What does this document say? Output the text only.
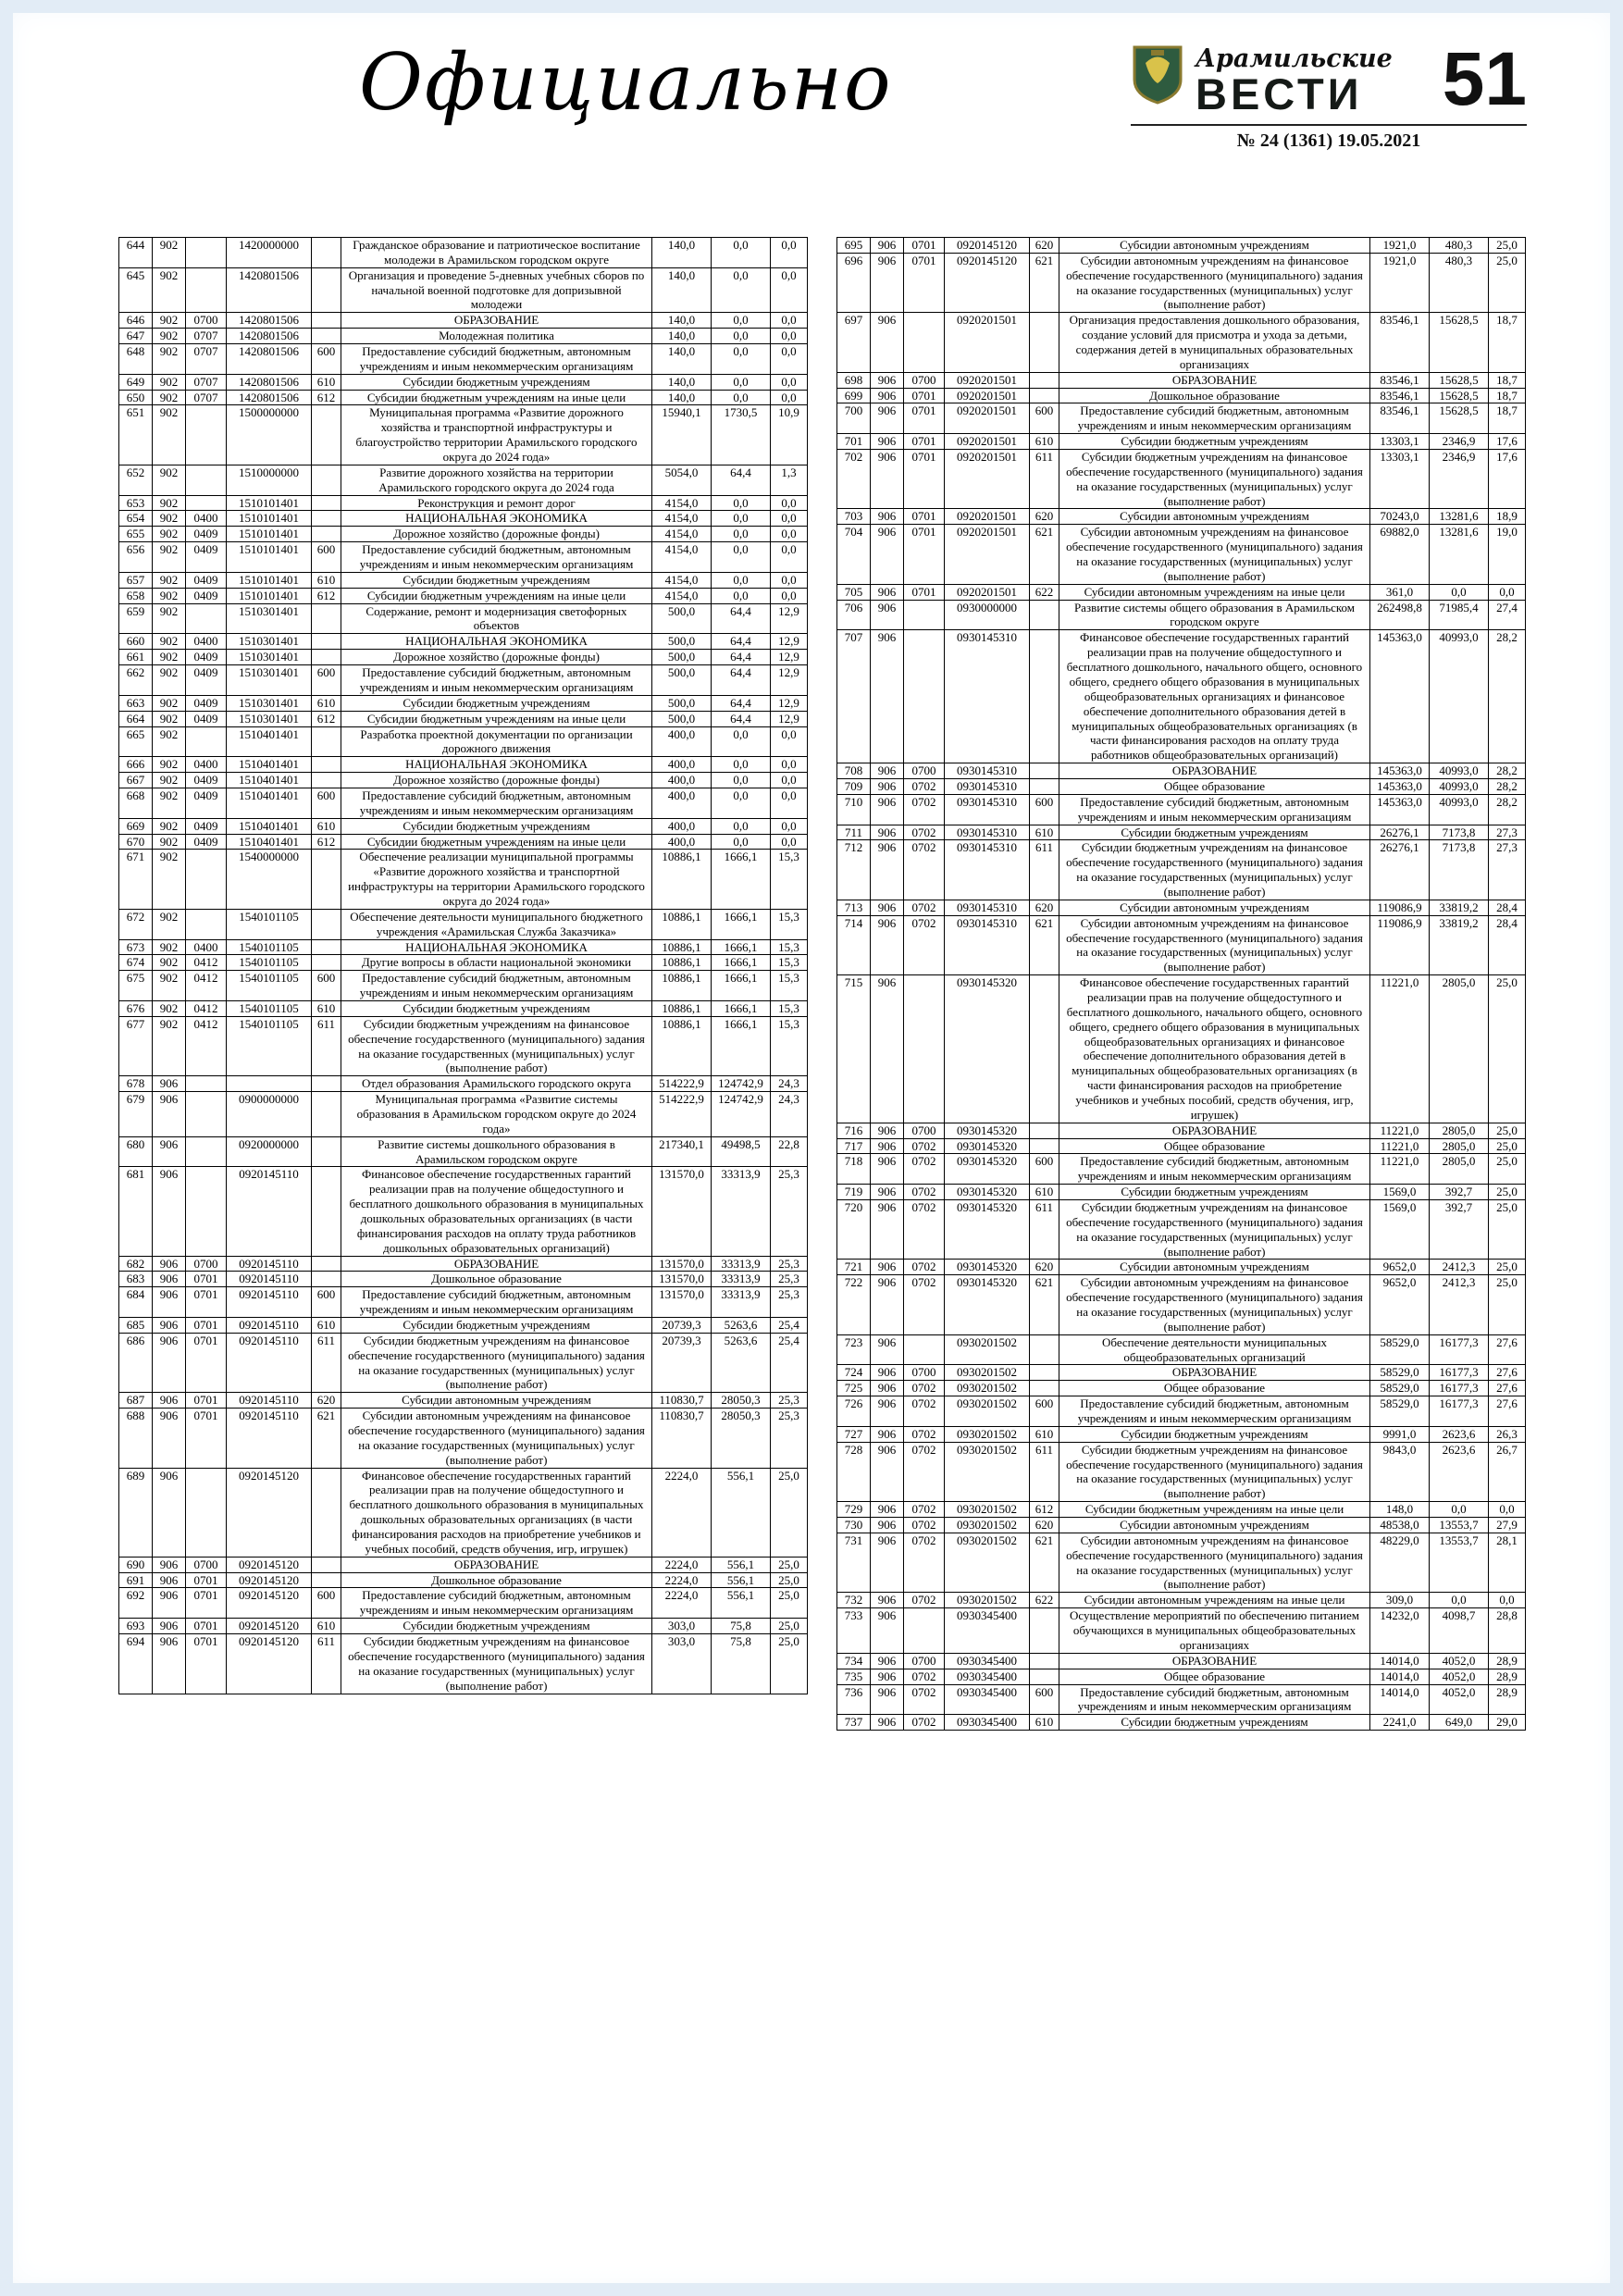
Официально	Арамильские
ВЕСТИ	51
№ 24 (1361) 19.05.2021
644	902		1420000000		Гражданское образование и патриотическое воспитание молодежи в Арамильском городском округе	140,0	0,0	0,0
645	902		1420801506		Организация и проведение 5-дневных учебных сборов по начальной военной подготовке для допризывной молодежи	140,0	0,0	0,0
646	902	0700	1420801506		ОБРАЗОВАНИЕ	140,0	0,0	0,0
647	902	0707	1420801506		Молодежная политика	140,0	0,0	0,0
648	902	0707	1420801506	600	Предоставление субсидий бюджетным, автономным учреждениям и иным некоммерческим организациям	140,0	0,0	0,0
649	902	0707	1420801506	610	Субсидии бюджетным учреждениям	140,0	0,0	0,0
650	902	0707	1420801506	612	Субсидии бюджетным учреждениям на иные цели	140,0	0,0	0,0
651	902		1500000000		Муниципальная программа «Развитие дорожного хозяйства и транспортной инфраструктуры и благоустройство территории Арамильского городского округа до 2024 года»	15940,1	1730,5	10,9
652	902		1510000000		Развитие дорожного хозяйства на территории Арамильского городского округа до 2024 года	5054,0	64,4	1,3
653	902		1510101401		Реконструкция и ремонт дорог	4154,0	0,0	0,0
654	902	0400	1510101401		НАЦИОНАЛЬНАЯ ЭКОНОМИКА	4154,0	0,0	0,0
655	902	0409	1510101401		Дорожное хозяйство (дорожные фонды)	4154,0	0,0	0,0
656	902	0409	1510101401	600	Предоставление субсидий бюджетным, автономным учреждениям и иным некоммерческим организациям	4154,0	0,0	0,0
657	902	0409	1510101401	610	Субсидии бюджетным учреждениям	4154,0	0,0	0,0
658	902	0409	1510101401	612	Субсидии бюджетным учреждениям на иные цели	4154,0	0,0	0,0
659	902		1510301401		Содержание, ремонт и модернизация светофорных объектов	500,0	64,4	12,9
660	902	0400	1510301401		НАЦИОНАЛЬНАЯ ЭКОНОМИКА	500,0	64,4	12,9
661	902	0409	1510301401		Дорожное хозяйство (дорожные фонды)	500,0	64,4	12,9
662	902	0409	1510301401	600	Предоставление субсидий бюджетным, автономным учреждениям и иным некоммерческим организациям	500,0	64,4	12,9
663	902	0409	1510301401	610	Субсидии бюджетным учреждениям	500,0	64,4	12,9
664	902	0409	1510301401	612	Субсидии бюджетным учреждениям на иные цели	500,0	64,4	12,9
665	902		1510401401		Разработка проектной документации по организации дорожного движения	400,0	0,0	0,0
666	902	0400	1510401401		НАЦИОНАЛЬНАЯ ЭКОНОМИКА	400,0	0,0	0,0
667	902	0409	1510401401		Дорожное хозяйство (дорожные фонды)	400,0	0,0	0,0
668	902	0409	1510401401	600	Предоставление субсидий бюджетным, автономным учреждениям и иным некоммерческим организациям	400,0	0,0	0,0
669	902	0409	1510401401	610	Субсидии бюджетным учреждениям	400,0	0,0	0,0
670	902	0409	1510401401	612	Субсидии бюджетным учреждениям на иные цели	400,0	0,0	0,0
671	902		1540000000		Обеспечение реализации муниципальной программы «Развитие дорожного хозяйства и транспортной инфраструктуры на территории Арамильского городского округа до 2024 года»	10886,1	1666,1	15,3
672	902		1540101105		Обеспечение деятельности муниципального бюджетного учреждения «Арамильская Служба Заказчика»	10886,1	1666,1	15,3
673	902	0400	1540101105		НАЦИОНАЛЬНАЯ ЭКОНОМИКА	10886,1	1666,1	15,3
674	902	0412	1540101105		Другие вопросы в области национальной экономики	10886,1	1666,1	15,3
675	902	0412	1540101105	600	Предоставление субсидий бюджетным, автономным учреждениям и иным некоммерческим организациям	10886,1	1666,1	15,3
676	902	0412	1540101105	610	Субсидии бюджетным учреждениям	10886,1	1666,1	15,3
677	902	0412	1540101105	611	Субсидии бюджетным учреждениям на финансовое обеспечение государственного (муниципального) задания на оказание государственных (муниципальных) услуг (выполнение работ)	10886,1	1666,1	15,3
678	906				Отдел образования Арамильского городского округа	514222,9	124742,9	24,3
679	906		0900000000		Муниципальная программа «Развитие системы образования в Арамильском городском округе до 2024 года»	514222,9	124742,9	24,3
680	906		0920000000		Развитие системы дошкольного образования в Арамильском городском округе	217340,1	49498,5	22,8
681	906		0920145110		Финансовое обеспечение государственных гарантий реализации прав на получение общедоступного и бесплатного дошкольного образования в муниципальных дошкольных образовательных организациях (в части финансирования расходов на оплату труда работников дошкольных образовательных организаций)	131570,0	33313,9	25,3
682	906	0700	0920145110		ОБРАЗОВАНИЕ	131570,0	33313,9	25,3
683	906	0701	0920145110		Дошкольное образование	131570,0	33313,9	25,3
684	906	0701	0920145110	600	Предоставление субсидий бюджетным, автономным учреждениям и иным некоммерческим организациям	131570,0	33313,9	25,3
685	906	0701	0920145110	610	Субсидии бюджетным учреждениям	20739,3	5263,6	25,4
686	906	0701	0920145110	611	Субсидии бюджетным учреждениям на финансовое обеспечение государственного (муниципального) задания на оказание государственных (муниципальных) услуг (выполнение работ)	20739,3	5263,6	25,4
687	906	0701	0920145110	620	Субсидии автономным учреждениям	110830,7	28050,3	25,3
688	906	0701	0920145110	621	Субсидии автономным учреждениям на финансовое обеспечение государственного (муниципального) задания на оказание государственных (муниципальных) услуг (выполнение работ)	110830,7	28050,3	25,3
689	906		0920145120		Финансовое обеспечение государственных гарантий реализации прав на получение общедоступного и бесплатного дошкольного образования в муниципальных дошкольных образовательных организациях (в части финансирования расходов на приобретение учебников и учебных пособий, средств обучения, игр, игрушек)	2224,0	556,1	25,0
690	906	0700	0920145120		ОБРАЗОВАНИЕ	2224,0	556,1	25,0
691	906	0701	0920145120		Дошкольное образование	2224,0	556,1	25,0
692	906	0701	0920145120	600	Предоставление субсидий бюджетным, автономным учреждениям и иным некоммерческим организациям	2224,0	556,1	25,0
693	906	0701	0920145120	610	Субсидии бюджетным учреждениям	303,0	75,8	25,0
694	906	0701	0920145120	611	Субсидии бюджетным учреждениям на финансовое обеспечение государственного (муниципального) задания на оказание государственных (муниципальных) услуг (выполнение работ)	303,0	75,8	25,0
695	906	0701	0920145120	620	Субсидии автономным учреждениям	1921,0	480,3	25,0
696	906	0701	0920145120	621	Субсидии автономным учреждениям на финансовое обеспечение государственного (муниципального) задания на оказание государственных (муниципальных) услуг (выполнение работ)	1921,0	480,3	25,0
697	906		0920201501		Организация предоставления дошкольного образования, создание условий для присмотра и ухода за детьми, содержания детей в муниципальных образовательных организациях	83546,1	15628,5	18,7
698	906	0700	0920201501		ОБРАЗОВАНИЕ	83546,1	15628,5	18,7
699	906	0701	0920201501		Дошкольное образование	83546,1	15628,5	18,7
700	906	0701	0920201501	600	Предоставление субсидий бюджетным, автономным учреждениям и иным некоммерческим организациям	83546,1	15628,5	18,7
701	906	0701	0920201501	610	Субсидии бюджетным учреждениям	13303,1	2346,9	17,6
702	906	0701	0920201501	611	Субсидии бюджетным учреждениям на финансовое обеспечение государственного (муниципального) задания на оказание государственных (муниципальных) услуг (выполнение работ)	13303,1	2346,9	17,6
703	906	0701	0920201501	620	Субсидии автономным учреждениям	70243,0	13281,6	18,9
704	906	0701	0920201501	621	Субсидии автономным учреждениям на финансовое обеспечение государственного (муниципального) задания на оказание государственных (муниципальных) услуг (выполнение работ)	69882,0	13281,6	19,0
705	906	0701	0920201501	622	Субсидии автономным учреждениям на иные цели	361,0	0,0	0,0
706	906		0930000000		Развитие системы общего образования в Арамильском городском округе	262498,8	71985,4	27,4
707	906		0930145310		Финансовое обеспечение государственных гарантий реализации прав на получение общедоступного и бесплатного дошкольного, начального общего, основного общего, среднего общего образования в муниципальных общеобразовательных организациях и финансовое обеспечение дополнительного образования детей в муниципальных общеобразовательных организациях (в части финансирования расходов на оплату труда работников общеобразовательных организаций)	145363,0	40993,0	28,2
708	906	0700	0930145310		ОБРАЗОВАНИЕ	145363,0	40993,0	28,2
709	906	0702	0930145310		Общее образование	145363,0	40993,0	28,2
710	906	0702	0930145310	600	Предоставление субсидий бюджетным, автономным учреждениям и иным некоммерческим организациям	145363,0	40993,0	28,2
711	906	0702	0930145310	610	Субсидии бюджетным учреждениям	26276,1	7173,8	27,3
712	906	0702	0930145310	611	Субсидии бюджетным учреждениям на финансовое обеспечение государственного (муниципального) задания на оказание государственных (муниципальных) услуг (выполнение работ)	26276,1	7173,8	27,3
713	906	0702	0930145310	620	Субсидии автономным учреждениям	119086,9	33819,2	28,4
714	906	0702	0930145310	621	Субсидии автономным учреждениям на финансовое обеспечение государственного (муниципального) задания на оказание государственных (муниципальных) услуг (выполнение работ)	119086,9	33819,2	28,4
715	906		0930145320		Финансовое обеспечение государственных гарантий реализации прав на получение общедоступного и бесплатного дошкольного, начального общего, основного общего, среднего общего образования в муниципальных общеобразовательных организациях и финансовое обеспечение дополнительного образования детей в муниципальных общеобразовательных организациях (в части финансирования расходов на приобретение учебников и учебных пособий, средств обучения, игр, игрушек)	11221,0	2805,0	25,0
716	906	0700	0930145320		ОБРАЗОВАНИЕ	11221,0	2805,0	25,0
717	906	0702	0930145320		Общее образование	11221,0	2805,0	25,0
718	906	0702	0930145320	600	Предоставление субсидий бюджетным, автономным учреждениям и иным некоммерческим организациям	11221,0	2805,0	25,0
719	906	0702	0930145320	610	Субсидии бюджетным учреждениям	1569,0	392,7	25,0
720	906	0702	0930145320	611	Субсидии бюджетным учреждениям на финансовое обеспечение государственного (муниципального) задания на оказание государственных (муниципальных) услуг (выполнение работ)	1569,0	392,7	25,0
721	906	0702	0930145320	620	Субсидии автономным учреждениям	9652,0	2412,3	25,0
722	906	0702	0930145320	621	Субсидии автономным учреждениям на финансовое обеспечение государственного (муниципального) задания на оказание государственных (муниципальных) услуг (выполнение работ)	9652,0	2412,3	25,0
723	906		0930201502		Обеспечение деятельности муниципальных общеобразовательных организаций	58529,0	16177,3	27,6
724	906	0700	0930201502		ОБРАЗОВАНИЕ	58529,0	16177,3	27,6
725	906	0702	0930201502		Общее образование	58529,0	16177,3	27,6
726	906	0702	0930201502	600	Предоставление субсидий бюджетным, автономным учреждениям и иным некоммерческим организациям	58529,0	16177,3	27,6
727	906	0702	0930201502	610	Субсидии бюджетным учреждениям	9991,0	2623,6	26,3
728	906	0702	0930201502	611	Субсидии бюджетным учреждениям на финансовое обеспечение государственного (муниципального) задания на оказание государственных (муниципальных) услуг (выполнение работ)	9843,0	2623,6	26,7
729	906	0702	0930201502	612	Субсидии бюджетным учреждениям на иные цели	148,0	0,0	0,0
730	906	0702	0930201502	620	Субсидии автономным учреждениям	48538,0	13553,7	27,9
731	906	0702	0930201502	621	Субсидии автономным учреждениям на финансовое обеспечение государственного (муниципального) задания на оказание государственных (муниципальных) услуг (выполнение работ)	48229,0	13553,7	28,1
732	906	0702	0930201502	622	Субсидии автономным учреждениям на иные цели	309,0	0,0	0,0
733	906		0930345400		Осуществление мероприятий по обеспечению питанием обучающихся в муниципальных общеобразовательных организациях	14232,0	4098,7	28,8
734	906	0700	0930345400		ОБРАЗОВАНИЕ	14014,0	4052,0	28,9
735	906	0702	0930345400		Общее образование	14014,0	4052,0	28,9
736	906	0702	0930345400	600	Предоставление субсидий бюджетным, автономным учреждениям и иным некоммерческим организациям	14014,0	4052,0	28,9
737	906	0702	0930345400	610	Субсидии бюджетным учреждениям	2241,0	649,0	29,0
